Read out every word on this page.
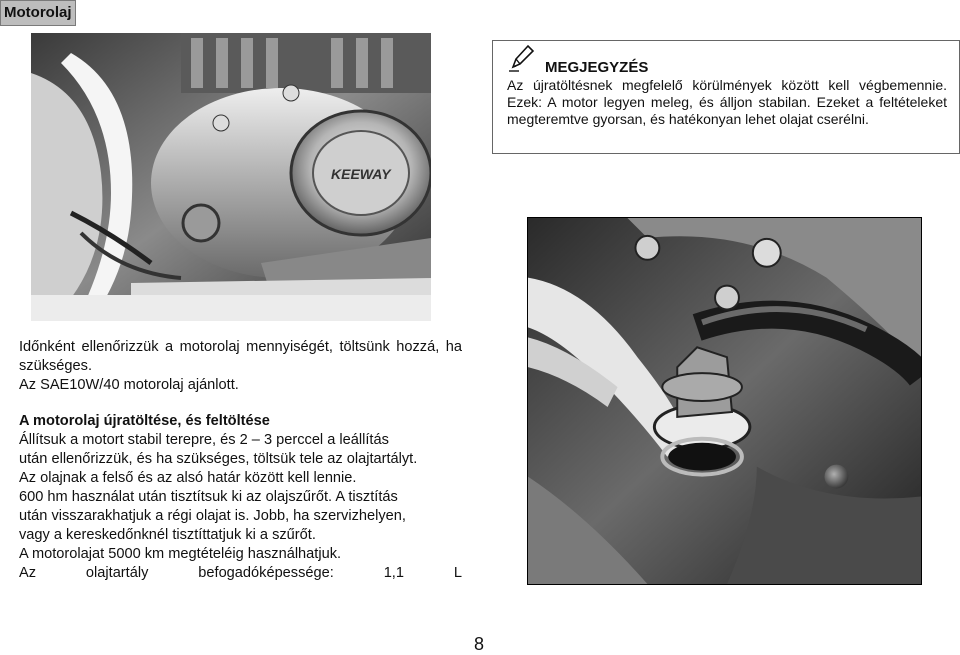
Motorolaj
KEEWAY
MEGJEGYZÉS

Az újratöltésnek megfelelő körülmények között kell végbemennie. Ezek: A motor legyen meleg, és álljon stabilan. Ezeket a feltételeket megteremtve gyorsan, és hatékonyan lehet olajat cserélni.

Időnként ellenőrizzük a motorolaj mennyiségét, töltsünk hozzá, ha szükséges.
Az SAE10W/40 motorolaj ajánlott.
A motorolaj újratöltése, és feltöltése
Állítsuk a motort stabil terepre, és 2 – 3 perccel a leállítás
után ellenőrizzük, és ha szükséges, töltsük tele az olajtartályt.
Az olajnak a felső és az alsó határ között kell lennie.
600 hm használat után tisztítsuk ki az olajszűrőt. A tisztítás
után visszarakhatjuk a régi olajat is. Jobb, ha szervizhelyen,
vagy a kereskedőnknél tisztíttatjuk ki a szűrőt.
A motorolajat 5000 km megtételéig használhatjuk.
Az	olajtartály	befogadóképessége:	1,1	L
8
